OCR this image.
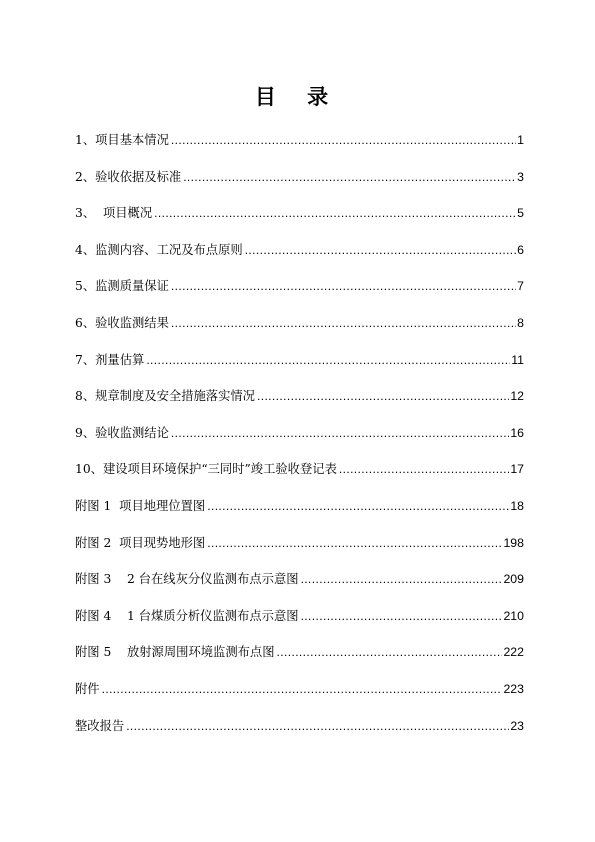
目 录
1、项目基本情况 .....	1
2、验收依据及标准 .....	3
3、  项目概况 .....	5
4、监测内容、工况及布点原则 .....	6
5、监测质量保证 .....	7
6、验收监测结果 .....	8
7、剂量估算 .....	11
8、规章制度及安全措施落实情况 .....	12
9、验收监测结论 .....	16
10、建设项目环境保护“三同时”竣工验收登记表 .....	17
附图 1  项目地理位置图 .....	18
附图 2  项目现势地形图 .....	198
附图 3    2 台在线灰分仪监测布点示意图 .....	209
附图 4    1 台煤质分析仪监测布点示意图 .....	210
附图 5    放射源周围环境监测布点图 .....	222
附件 .....	223
整改报告 .....	23
